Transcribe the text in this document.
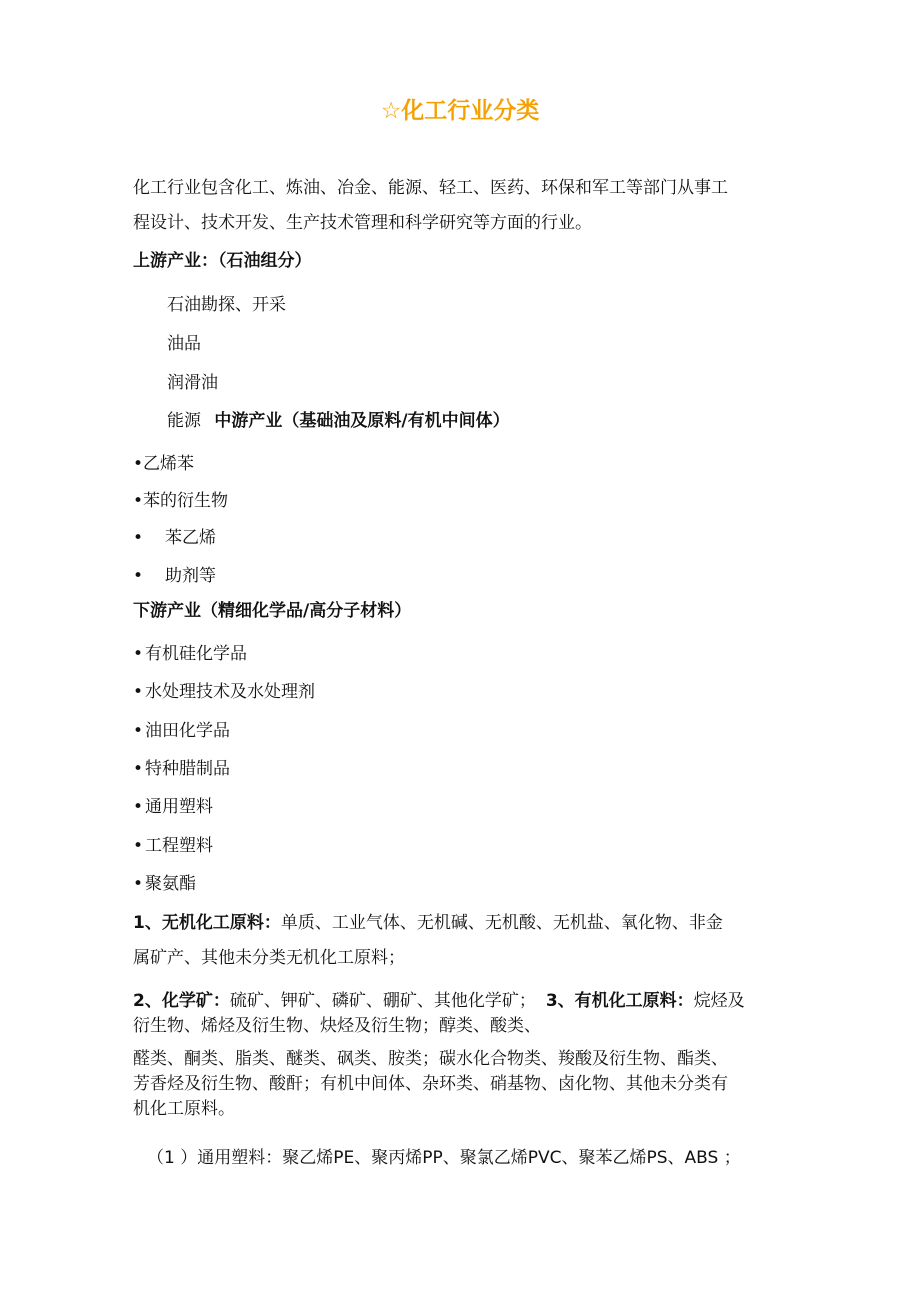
☆化工行业分类
化工行业包含化工、炼油、冶金、能源、轻工、医药、环保和军工等部门从事工
程设计、技术开发、生产技术管理和科学研究等方面的行业。
上游产业：（石油组分）
石油勘探、开采
油品
润滑油
能源 中游产业（基础油及原料/有机中间体）
•乙烯苯
•苯的衍生物
• 苯乙烯
• 助剂等
下游产业（精细化学品/高分子材料）
• 有机硅化学品
• 水处理技术及水处理剂
• 油田化学品
• 特种腊制品
• 通用塑料
• 工程塑料
• 聚氨酯
1、无机化工原料：单质、工业气体、无机碱、无机酸、无机盐、氧化物、非金
属矿产、其他未分类无机化工原料；
2、化学矿：硫矿、钾矿、磷矿、硼矿、其他化学矿； 3、有机化工原料：烷烃及
衍生物、烯烃及衍生物、炔烃及衍生物；醇类、酸类、
醛类、酮类、脂类、醚类、砜类、胺类；碳水化合物类、羧酸及衍生物、酯类、
芳香烃及衍生物、酸酐；有机中间体、杂环类、硝基物、卤化物、其他未分类有
机化工原料。
（1 ）通用塑料：聚乙烯PE、聚丙烯PP、聚氯乙烯PVC、聚苯乙烯PS、ABS ；
